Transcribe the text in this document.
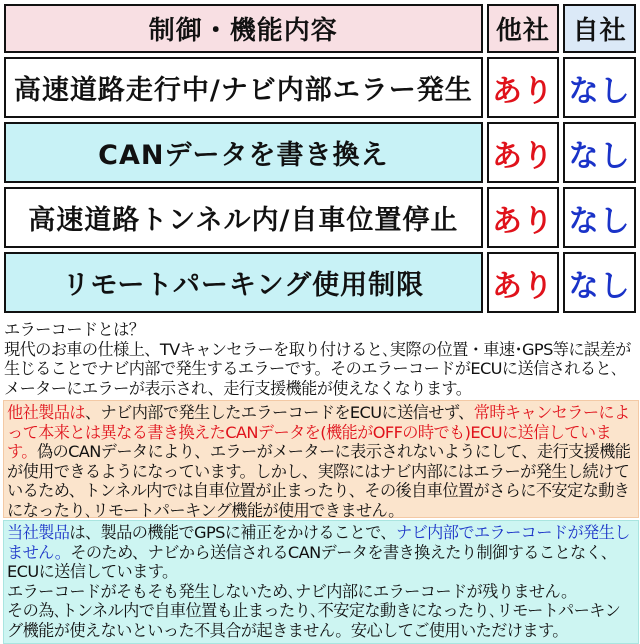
制御・機能内容	他社	自社
高速道路走行中/ナビ内部エラー発生	あり	なし
CANデータを書き換え	あり	なし
高速道路トンネル内/自車位置停止	あり	なし
リモートパーキング使用制限	あり	なし
エラーコードとは？
現代のお車の仕様上、TVキャンセラーを取り付けると､実際の位置・車速･GPS等に誤差が生じることでナビ内部で発生するエラーです。そのエラーコードがECUに送信されると､メーターにエラーが表示され、走行支援機能が使えなくなります。
他社製品は、ナビ内部で発生したエラーコードをECUに送信せず、常時キャンセラーによって本来とは異なる書き換えたCANデータを(機能がOFFの時でも)ECUに送信しています。偽のCANデータにより、エラーがメーターに表示されないようにして、走行支援機能が使用できるようになっています。しかし、実際にはナビ内部にはエラーが発生し続けているため、トンネル内では自車位置が止まったり、その後自車位置がさらに不安定な動きになったり､リモートパーキング機能が使用できません。
当社製品は、製品の機能でGPSに補正をかけることで、ナビ内部でエラーコードが発生しません。そのため、ナビから送信されるCANデータを書き換えたり制御することなく、ECUに送信しています。
エラーコードがそもそも発生しないため､ナビ内部にエラーコードが残りません。
その為､トンネル内で自車位置も止まったり､不安定な動きになったり､リモートパーキング機能が使えないといった不具合が起きません。安心してご使用いただけます。
